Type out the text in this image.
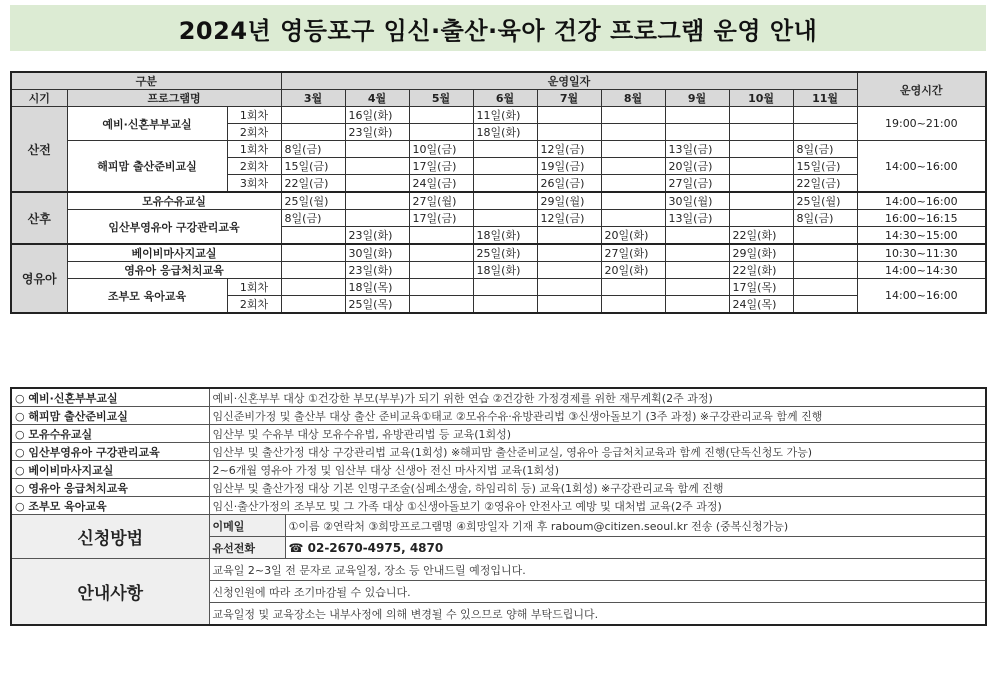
2024년 영등포구 임신·출산·육아 건강 프로그램 운영 안내
구분			운영일자									운영시간
시기	프로그램명		3월	4월	5월	6월	7월	8월	9월	10월	11월	
산전	예비·신혼부부교실	1회차		16일(화)		11일(화)						19:00~21:00
		2회차		23일(화)		18일(화)						
	해피맘 출산준비교실	1회차	8일(금)		10일(금)		12일(금)		13일(금)		8일(금)	14:00~16:00
		2회차	15일(금)		17일(금)		19일(금)		20일(금)		15일(금)	
		3회차	22일(금)		24일(금)		26일(금)		27일(금)		22일(금)	
산후	모유수유교실		25일(월)		27일(월)		29일(월)		30일(월)		25일(월)	14:00~16:00
	임산부영유아 구강관리교육		8일(금)		17일(금)		12일(금)		13일(금)		8일(금)	16:00~16:15
				23일(화)		18일(화)		20일(화)		22일(화)		14:30~15:00
영유아	베이비마사지교실			30일(화)		25일(화)		27일(화)		29일(화)		10:30~11:30
	영유아 응급처치교육			23일(화)		18일(화)		20일(화)		22일(화)		14:00~14:30
	조부모 육아교육	1회차		18일(목)						17일(목)		14:00~16:00
		2회차		25일(목)						24일(목)		
○ 예비·신혼부부교실	예비·신혼부부 대상 ①건강한 부모(부부)가 되기 위한 연습 ②건강한 가정경제를 위한 재무계획(2주 과정)	
○ 해피맘 출산준비교실	임신준비가정 및 출산부 대상 출산 준비교육①태교 ②모유수유·유방관리법 ③신생아돌보기 (3주 과정) ※구강관리교육 함께 진행	
○ 모유수유교실	임산부 및 수유부 대상 모유수유법, 유방관리법 등 교육(1회성)	
○ 임산부영유아 구강관리교육	임산부 및 출산가정 대상 구강관리법 교육(1회성) ※해피맘 출산준비교실, 영유아 응급처치교육과 함께 진행(단독신청도 가능)	
○ 베이비마사지교실	2~6개월 영유아 가정 및 임산부 대상 신생아 전신 마사지법 교육(1회성)	
○ 영유아 응급처치교육	임산부 및 출산가정 대상 기본 인명구조술(심폐소생술, 하임리히 등) 교육(1회성) ※구강관리교육 함께 진행	
○ 조부모 육아교육	임신·출산가정의 조부모 및 그 가족 대상 ①신생아돌보기 ②영유아 안전사고 예방 및 대처법 교육(2주 과정)	
신청방법	이메일	①이름 ②연락처 ③희망프로그램명 ④희망일자 기재 후 raboum@citizen.seoul.kr 전송 (중복신청가능)
	유선전화	☎ 02-2670-4975, 4870
안내사항	교육일 2~3일 전 문자로 교육일정, 장소 등 안내드릴 예정입니다.	
	신청인원에 따라 조기마감될 수 있습니다.	
	교육일정 및 교육장소는 내부사정에 의해 변경될 수 있으므로 양해 부탁드립니다.	
